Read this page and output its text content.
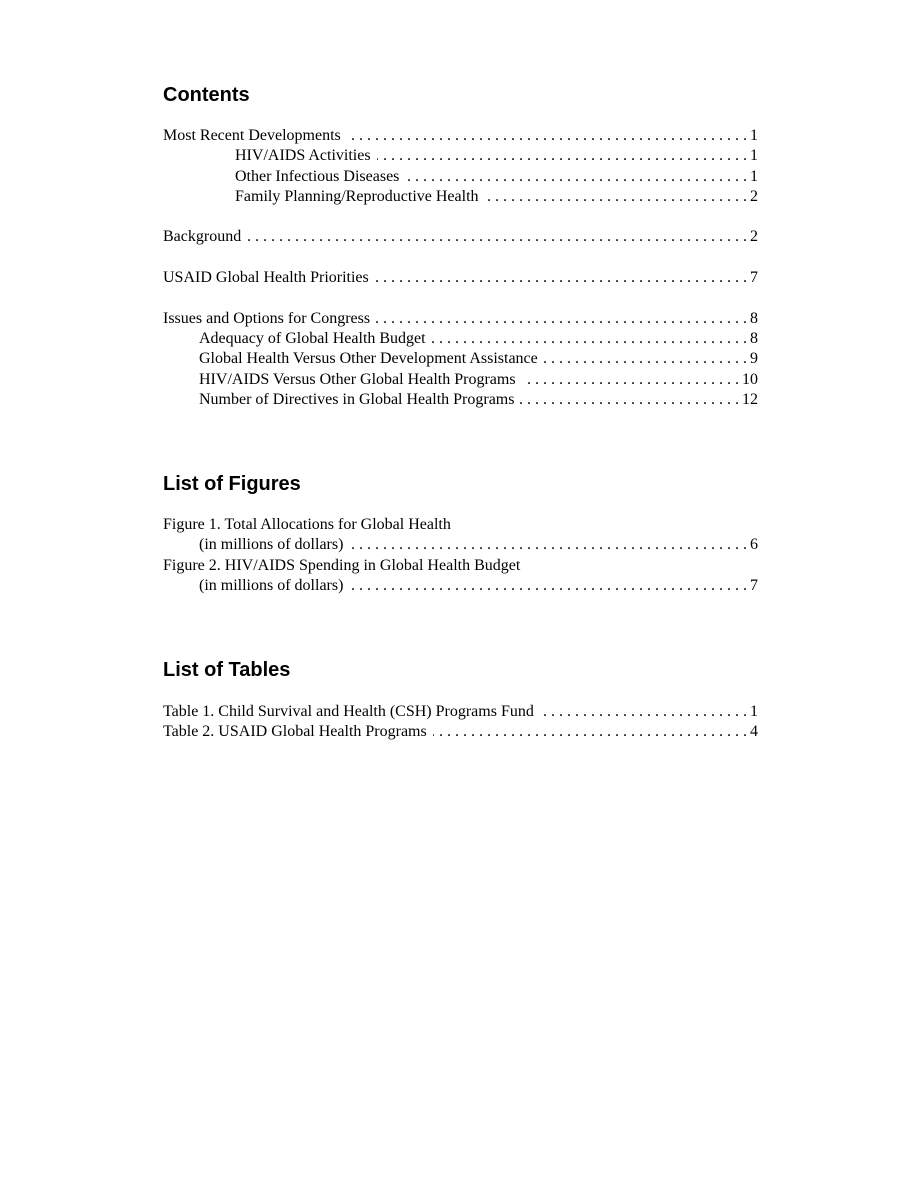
Contents
Most Recent Developments . . .	1
HIV/AIDS Activities . . .	1
Other Infectious Diseases . . .	1
Family Planning/Reproductive Health . . .	2
Background . . .	2
USAID Global Health Priorities . . .	7
Issues and Options for Congress . . .	8
Adequacy of Global Health Budget . . .	8
Global Health Versus Other Development Assistance . . .	9
HIV/AIDS Versus Other Global Health Programs . . .	10
Number of Directives in Global Health Programs . . .	12
List of Figures
Figure 1. Total Allocations for Global Health
(in millions of dollars) . . .	6
Figure 2. HIV/AIDS Spending in Global Health Budget
(in millions of dollars) . . .	7
List of Tables
Table 1. Child Survival and Health (CSH) Programs Fund . . .	1
Table 2. USAID Global Health Programs . . .	4
